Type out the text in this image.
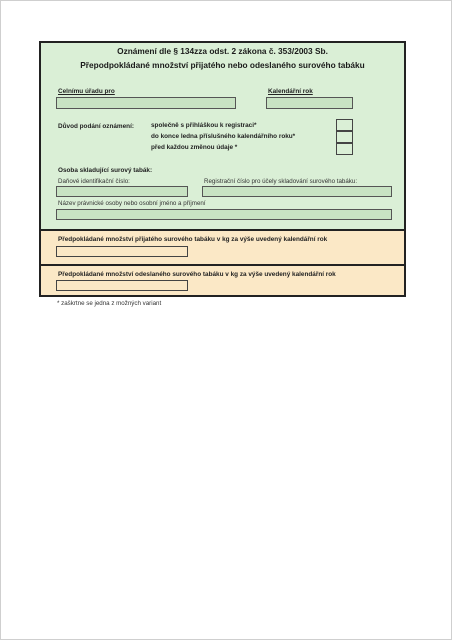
Oznámení dle § 134zza odst. 2 zákona č. 353/2003 Sb.
Přepodpokládané množství přijatého nebo odeslaného surového tabáku
Celnímu úřadu pro	Kalendářní rok
Důvod podání oznámení:	společně s přihláškou k registraci*
do konce ledna příslušného kalendářního roku*
před každou změnou údaje *
Osoba skladující surový tabák:
Daňové identifikační číslo:	Registrační číslo pro účely skladování surového tabáku:
Název právnické osoby nebo osobní jméno a příjmení
Předpokládané množství přijatého surového tabáku v kg za výše uvedený kalendářní rok
Předpokládané množství odeslaného surového tabáku v kg za výše uvedený kalendářní rok
* zaškrtne se jedna z možných variant
